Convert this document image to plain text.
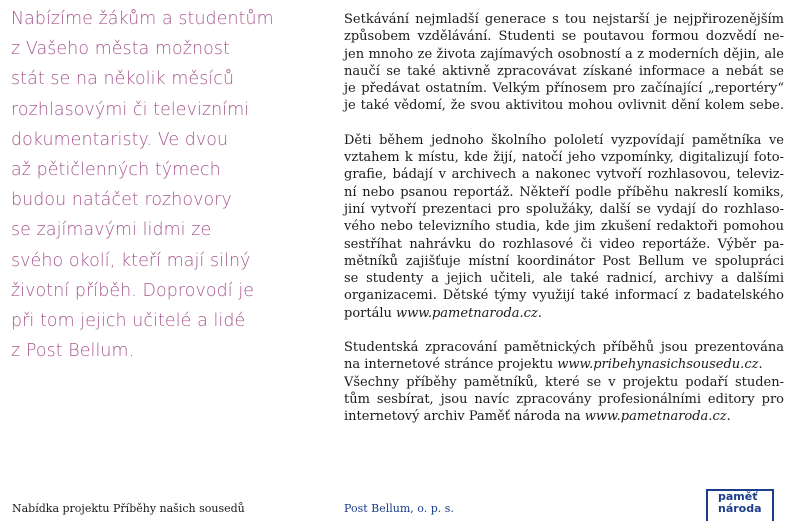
Nabízíme žákům a studentům
z Vašeho města možnost
stát se na několik měsíců
rozhlasovými či televizními
dokumentaristy. Ve dvou
až pětičlenných týmech
budou natáčet rozhovory
se zajímavými lidmi ze
svého okolí, kteří mají silný
životní příběh. Doprovodí je
při tom jejich učitelé a lidé
z Post Bellum.
Setkávání nejmladší generace s tou nejstarší je nejpřirozenějším
způsobem vzdělávání. Studenti se poutavou formou dozvědí ne-
jen mnoho ze života zajímavých osobností a z moderních dějin, ale
naučí se také aktivně zpracovávat získané informace a nebát se
je předávat ostatním. Velkým přínosem pro začínající „reportéry“
je také vědomí, že svou aktivitou mohou ovlivnit dění kolem sebe.
Děti během jednoho školního pololetí vyzpovídají pamětníka ve
vztahem k místu, kde žijí, natočí jeho vzpomínky, digitalizují foto-
grafie, bádají v archivech a nakonec vytvoří rozhlasovou, televiz-
ní nebo psanou reportáž. Někteří podle příběhu nakreslí komiks,
jiní vytvoří prezentaci pro spolužáky, další se vydají do rozhlaso-
vého nebo televizního studia, kde jim zkušení redaktoři pomohou
sestříhat nahrávku do rozhlasové či video reportáže. Výběr pa-
mětníků zajišťuje místní koordinátor Post Bellum ve spolupráci
se studenty a jejich učiteli, ale také radnicí, archivy a dalšími
organizacemi. Dětské týmy využijí také informací z badatelského
portálu www.pametnaroda.cz.
Studentská zpracování pamětnických příběhů jsou prezentována
na internetové stránce projektu www.pribehynasichsousedu.cz.
Všechny příběhy pamětníků, které se v projektu podaří studen-
tům sesbírat, jsou navíc zpracovány profesionálními editory pro
internetový archiv Paměť národa na www.pametnaroda.cz.
Nabídka projektu Příběhy našich sousedů	Post Bellum, o. p. s.
paměť
národa
